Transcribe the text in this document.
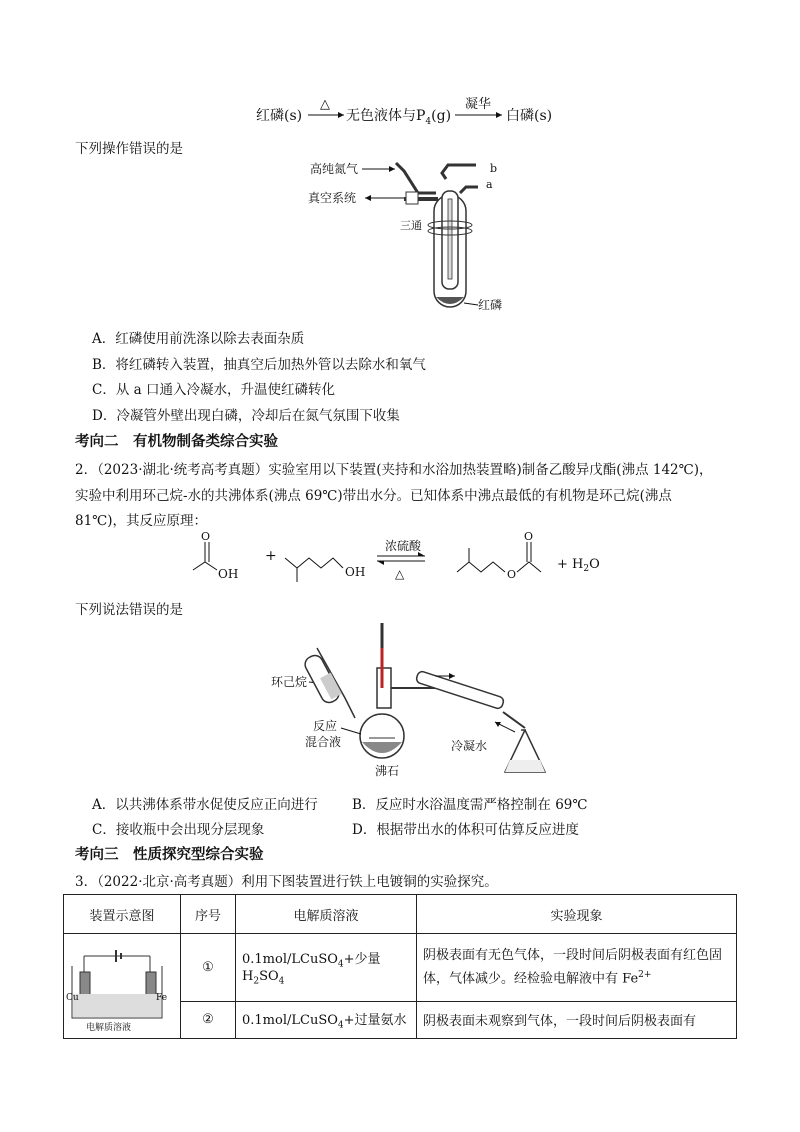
红磷(s)
△
无色液体与$P_4(g)$
凝华
白磷(s)
下列操作错误的是
高纯氮气
真空系统
三通
b
a
红磷
A．红磷使用前洗涤以除去表面杂质
B．将红磷转入装置，抽真空后加热外管以去除水和氧气
C．从 a 口通入冷凝水，升温使红磷转化
D．冷凝管外壁出现白磷，冷却后在氮气氛围下收集
考向二　有机物制备类综合实验
2．（2023·湖北·统考高考真题）实验室用以下装置(夹持和水浴加热装置略)制备乙酸异戊酯(沸点 142℃)，
实验中利用环己烷-水的共沸体系(沸点 69℃)带出水分。已知体系中沸点最低的有机物是环己烷(沸点
81℃)，其反应原理：
O
OH
+
OH
浓硫酸
△	O
O
+ $H_2O$
下列说法错误的是
环己烷
反应
混合液
沸石
冷凝水
A．以共沸体系带水促使反应正向进行	B．反应时水浴温度需严格控制在 69℃
C．接收瓶中会出现分层现象	D．根据带出水的体积可估算反应进度
考向三　性质探究型综合实验
3．（2022·北京·高考真题）利用下图装置进行铁上电镀铜的实验探究。
装置示意图	序号	电解质溶液	实验现象

Cu Fe
电解质溶液	①	0.1mol/LCuSO$_4$+少量 $H_2SO_4$	阴极表面有无色气体，一段时间后阴极表面有红色固体，气体减少。经检验电解液中有 $Fe^{2+}$
	②	0.1mol/LCuSO$_4$+过量氨水	阴极表面未观察到气体，一段时间后阴极表面有
